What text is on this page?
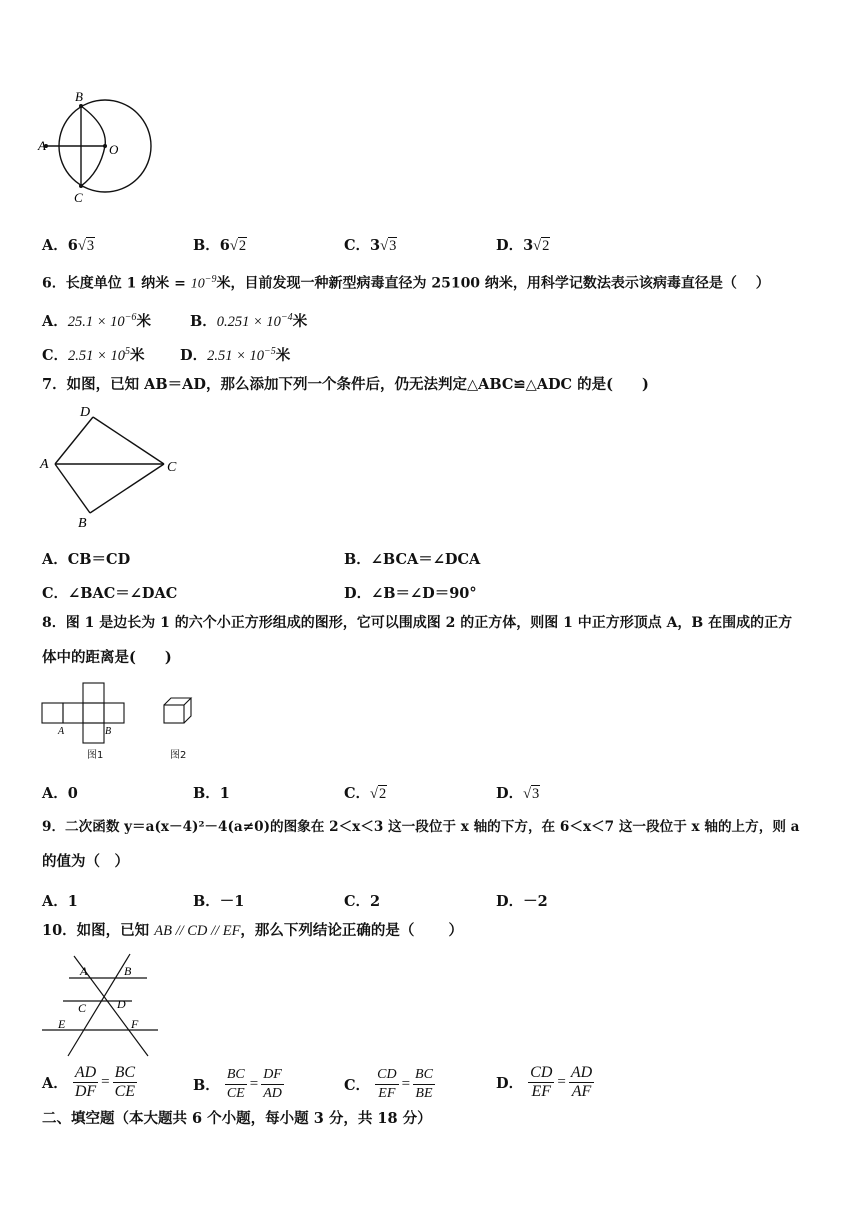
B
A	O
C
A．6√3	B．6√2	C．3√3	D．3√2
6．长度单位 1 纳米 = $10^{-9}$米，目前发现一种新型病毒直径为 25100 纳米，用科学记数法表示该病毒直径是（　 ）
A．$25.1 \times 10^{-6}$米	B．$0.251 \times 10^{-4}$米
C．$2.51 \times 10^5$米 D．$2.51 \times 10^{-5}$米
7．如图，已知 AB＝AD，那么添加下列一个条件后，仍无法判定△ABC≌△ADC 的是(　　)
D
A	C
B
A．CB＝CD	B．∠BCA＝∠DCA
C．∠BAC＝∠DAC	D．∠B＝∠D＝90°
8．图 1 是边长为 1 的六个小正方形组成的图形，它可以围成图 2 的正方体，则图 1 中正方形顶点 A，B 在围成的正方
体中的距离是(　　)
A	B
图1	图2
A．0	B．1	C．√2	D．√3
9．二次函数 y＝a(x－4)²－4(a≠0)的图象在 2＜x＜3 这一段位于 x 轴的下方，在 6＜x＜7 这一段位于 x 轴的上方，则 a
的值为（　）
A．1	B．－1	C．2	D．－2
10．如图，已知 AB // CD // EF，那么下列结论正确的是（　　 ）
A	B
C	D
E	F
A． $\frac{AD}{DF} = \frac{BC}{CE}$	B． $\frac{BC}{CE} = \frac{DF}{AD}$	C． $\frac{CD}{EF} = \frac{BC}{BE}$	D． $\frac{CD}{EF} = \frac{AD}{AF}$
二、填空题（本大题共 6 个小题，每小题 3 分，共 18 分）
